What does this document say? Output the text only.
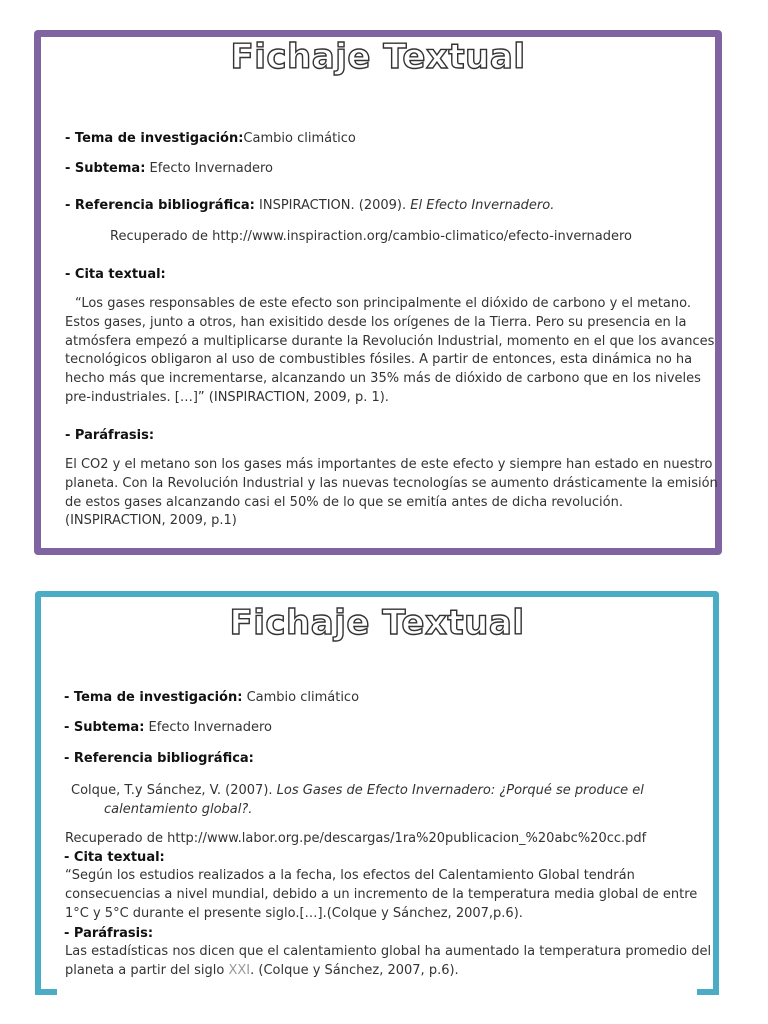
Fichaje Textual
- Tema de investigación:Cambio climático
- Subtema: Efecto Invernadero
- Referencia bibliográfica: INSPIRACTION. (2009). El Efecto Invernadero.
Recuperado de http://www.inspiraction.org/cambio-climatico/efecto-invernadero
- Cita textual:
“Los gases responsables de este efecto son principalmente el dióxido de carbono y el metano.
Estos gases, junto a otros, han exisitido desde los orígenes de la Tierra. Pero su presencia en la
atmósfera empezó a multiplicarse durante la Revolución Industrial, momento en el que los avances
tecnológicos obligaron al uso de combustibles fósiles. A partir de entonces, esta dinámica no ha
hecho más que incrementarse, alcanzando un 35% más de dióxido de carbono que en los niveles
pre-industriales. […]” (INSPIRACTION, 2009, p. 1).
- Paráfrasis:
El CO2 y el metano son los gases más importantes de este efecto y siempre han estado en nuestro
planeta. Con la Revolución Industrial y las nuevas tecnologías se aumento drásticamente la emisión
de estos gases alcanzando casi el 50% de lo que se emitía antes de dicha revolución.
(INSPIRACTION, 2009, p.1)
Fichaje Textual
- Tema de investigación: Cambio climático
- Subtema: Efecto Invernadero
- Referencia bibliográfica:
Colque, T.y Sánchez, V. (2007). Los Gases de Efecto Invernadero: ¿Porqué se produce el
calentamiento global?.
Recuperado de http://www.labor.org.pe/descargas/1ra%20publicacion_%20abc%20cc.pdf
- Cita textual:
“Según los estudios realizados a la fecha, los efectos del Calentamiento Global tendrán
consecuencias a nivel mundial, debido a un incremento de la temperatura media global de entre
1°C y 5°C durante el presente siglo.[…].(Colque y Sánchez, 2007,p.6).
- Paráfrasis:
Las estadísticas nos dicen que el calentamiento global ha aumentado la temperatura promedio del
planeta a partir del siglo XXI. (Colque y Sánchez, 2007, p.6).
